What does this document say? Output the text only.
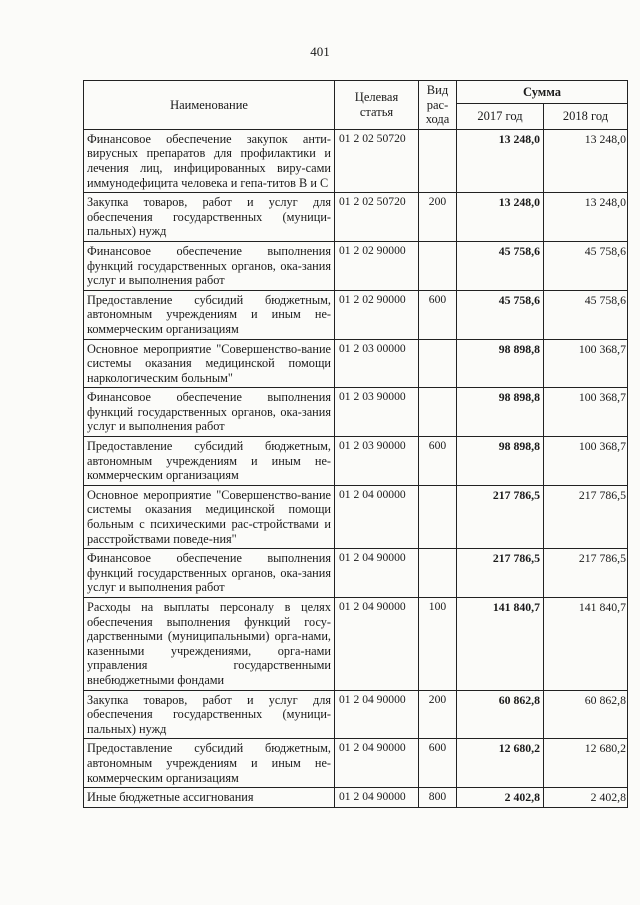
401
Наименование	Целевая статья	Вид рас-хода	Сумма	
			2017 год	2018 год
Финансовое обеспечение закупок анти-вирусных препаратов для профилактики и лечения лиц, инфицированных виру-сами иммунодефицита человека и гепа-титов В и С	01 2 02 50720		13 248,0	13 248,0
Закупка товаров, работ и услуг для обеспечения государственных (муници-пальных) нужд	01 2 02 50720	200	13 248,0	13 248,0
Финансовое обеспечение выполнения функций государственных органов, ока-зания услуг и выполнения работ	01 2 02 90000		45 758,6	45 758,6
Предоставление субсидий бюджетным, автономным учреждениям и иным не-коммерческим организациям	01 2 02 90000	600	45 758,6	45 758,6
Основное мероприятие "Совершенство-вание системы оказания медицинской помощи наркологическим больным"	01 2 03 00000		98 898,8	100 368,7
Финансовое обеспечение выполнения функций государственных органов, ока-зания услуг и выполнения работ	01 2 03 90000		98 898,8	100 368,7
Предоставление субсидий бюджетным, автономным учреждениям и иным не-коммерческим организациям	01 2 03 90000	600	98 898,8	100 368,7
Основное мероприятие "Совершенство-вание системы оказания медицинской помощи больным с психическими рас-стройствами и расстройствами поведе-ния"	01 2 04 00000		217 786,5	217 786,5
Финансовое обеспечение выполнения функций государственных органов, ока-зания услуг и выполнения работ	01 2 04 90000		217 786,5	217 786,5
Расходы на выплаты персоналу в целях обеспечения выполнения функций госу-дарственными (муниципальными) орга-нами, казенными учреждениями, орга-нами управления государственными внебюджетными фондами	01 2 04 90000	100	141 840,7	141 840,7
Закупка товаров, работ и услуг для обеспечения государственных (муници-пальных) нужд	01 2 04 90000	200	60 862,8	60 862,8
Предоставление субсидий бюджетным, автономным учреждениям и иным не-коммерческим организациям	01 2 04 90000	600	12 680,2	12 680,2
Иные бюджетные ассигнования	01 2 04 90000	800	2 402,8	2 402,8
